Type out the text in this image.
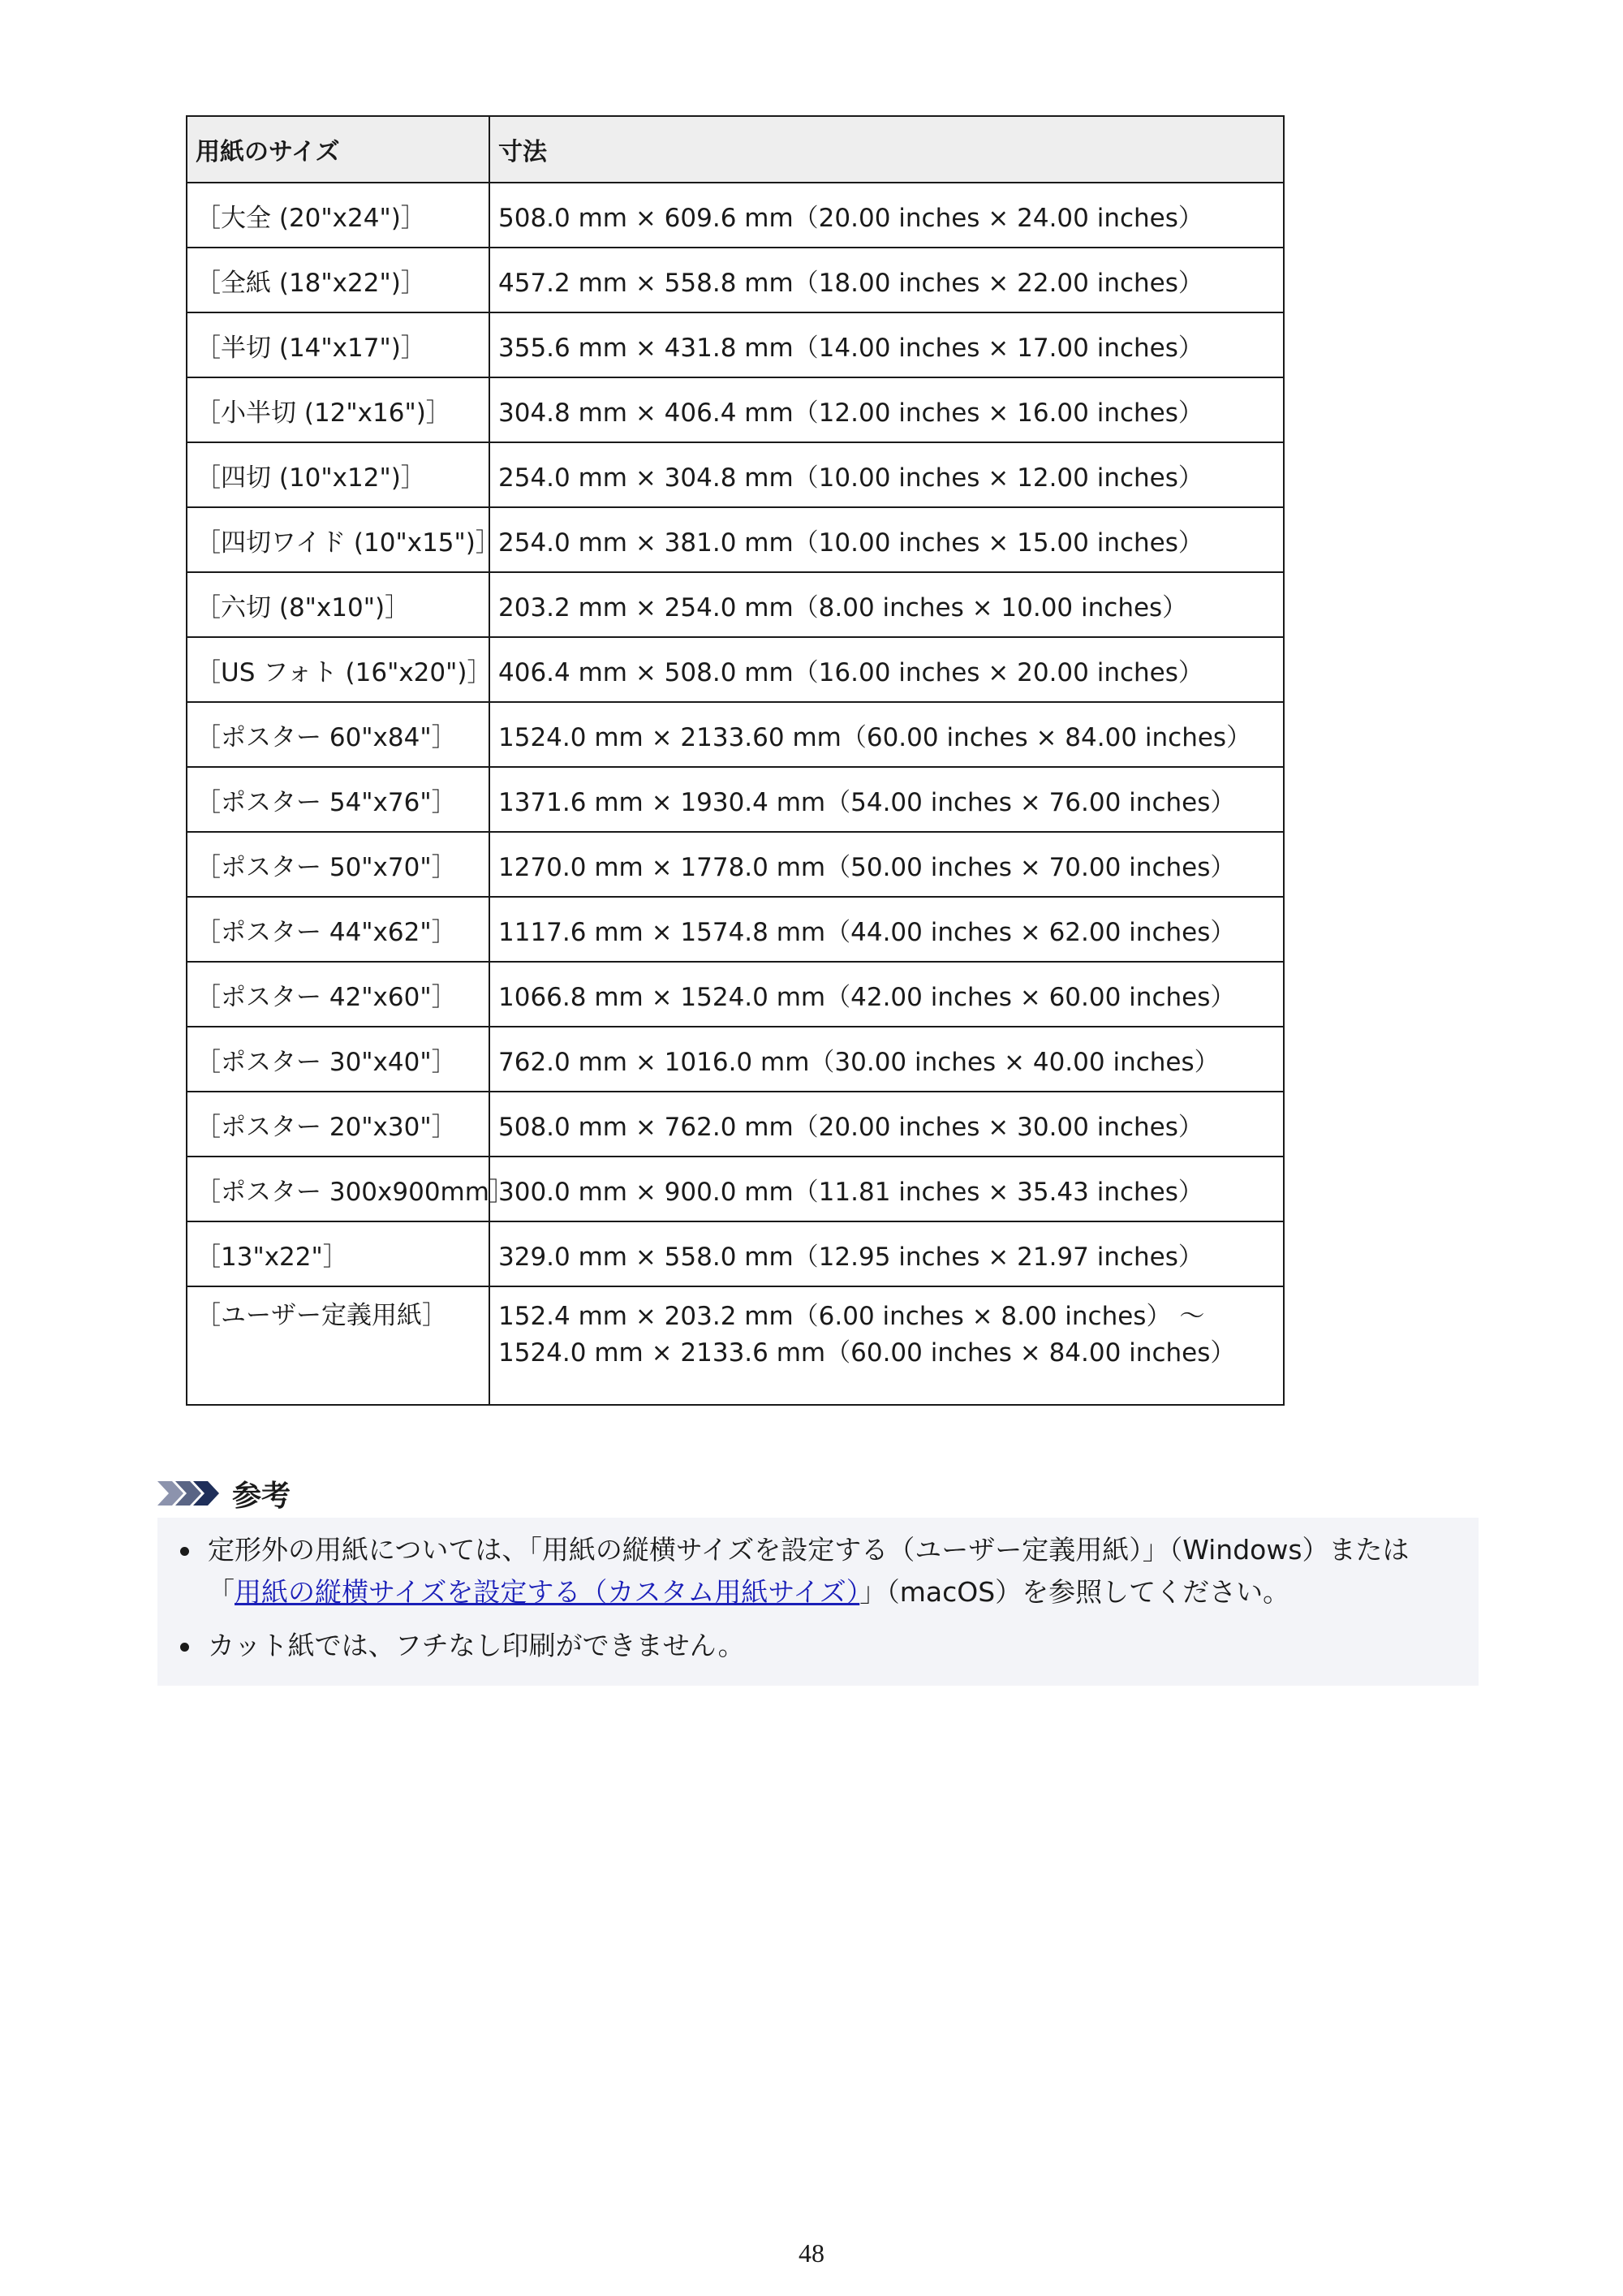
用紙のサイズ	寸法
［大全 (20"x24")］	508.0 mm × 609.6 mm（20.00 inches × 24.00 inches）
［全紙 (18"x22")］	457.2 mm × 558.8 mm（18.00 inches × 22.00 inches）
［半切 (14"x17")］	355.6 mm × 431.8 mm（14.00 inches × 17.00 inches）
［小半切 (12"x16")］	304.8 mm × 406.4 mm（12.00 inches × 16.00 inches）
［四切 (10"x12")］	254.0 mm × 304.8 mm（10.00 inches × 12.00 inches）
［四切ワイド (10"x15")］	254.0 mm × 381.0 mm（10.00 inches × 15.00 inches）
［六切 (8"x10")］	203.2 mm × 254.0 mm（8.00 inches × 10.00 inches）
［US フォト (16"x20")］	406.4 mm × 508.0 mm（16.00 inches × 20.00 inches）
［ポスター 60"x84"］	1524.0 mm × 2133.60 mm（60.00 inches × 84.00 inches）
［ポスター 54"x76"］	1371.6 mm × 1930.4 mm（54.00 inches × 76.00 inches）
［ポスター 50"x70"］	1270.0 mm × 1778.0 mm（50.00 inches × 70.00 inches）
［ポスター 44"x62"］	1117.6 mm × 1574.8 mm（44.00 inches × 62.00 inches）
［ポスター 42"x60"］	1066.8 mm × 1524.0 mm（42.00 inches × 60.00 inches）
［ポスター 30"x40"］	762.0 mm × 1016.0 mm（30.00 inches × 40.00 inches）
［ポスター 20"x30"］	508.0 mm × 762.0 mm（20.00 inches × 30.00 inches）
［ポスター 300x900mm］	300.0 mm × 900.0 mm（11.81 inches × 35.43 inches）
［13"x22"］	329.0 mm × 558.0 mm（12.95 inches × 21.97 inches）
［ユーザー定義用紙］	152.4 mm × 203.2 mm（6.00 inches × 8.00 inches） ～ 1524.0 mm × 2133.6 mm（60.00 inches × 84.00 inches）
参考
定形外の用紙については、「用紙の縦横サイズを設定する（ユーザー定義用紙）」（Windows）または「用紙の縦横サイズを設定する（カスタム用紙サイズ）」（macOS）を参照してください。
カット紙では、フチなし印刷ができません。
48
